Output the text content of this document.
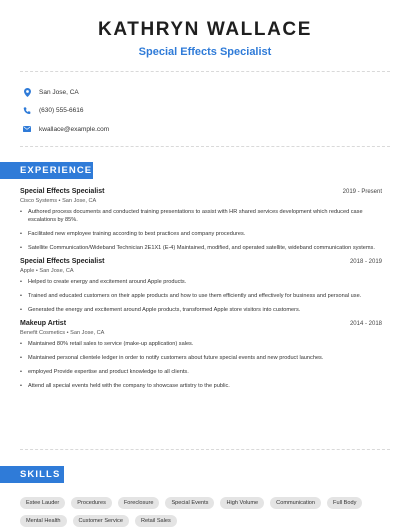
KATHRYN WALLACE
Special Effects Specialist
San Jose, CA
(630) 555-6616
kwallace@example.com
EXPERIENCE
Special Effects Specialist	2019 - Present
Cisco Systems • San Jose, CA
• Authored process documents and conducted training presentations to assist with HR shared services development which reduced case escalations by 85%.
• Facilitated new employee training according to best practices and company procedures.
• Satellite Communication/Wideband Technician 2E1X1 (E-4) Maintained, modified, and operated satellite, wideband communication systems.
Special Effects Specialist	2018 - 2019
Apple • San Jose, CA
• Helped to create energy and excitement around Apple products.
• Trained and educated customers on their apple products and how to use them efficiently and effectively for business and personal use.
• Generated the energy and excitement around Apple products, transformed Apple store visitors into customers.
Makeup Artist	2014 - 2018
Benefit Cosmetics • San Jose, CA
• Maintained 80% retail sales to service (make-up application) sales.
• Maintained personal clientele ledger in order to notify customers about future special events and new product launches.
• employed Provide expertise and product knowledge to all clients.
• Attend all special events held with the company to showcase artistry to the public.
SKILLS
Estee Lauder	Procedures	Foreclosure	Special Events	High Volume	Communication	Full Body
Mental Health	Customer Service	Retail Sales
